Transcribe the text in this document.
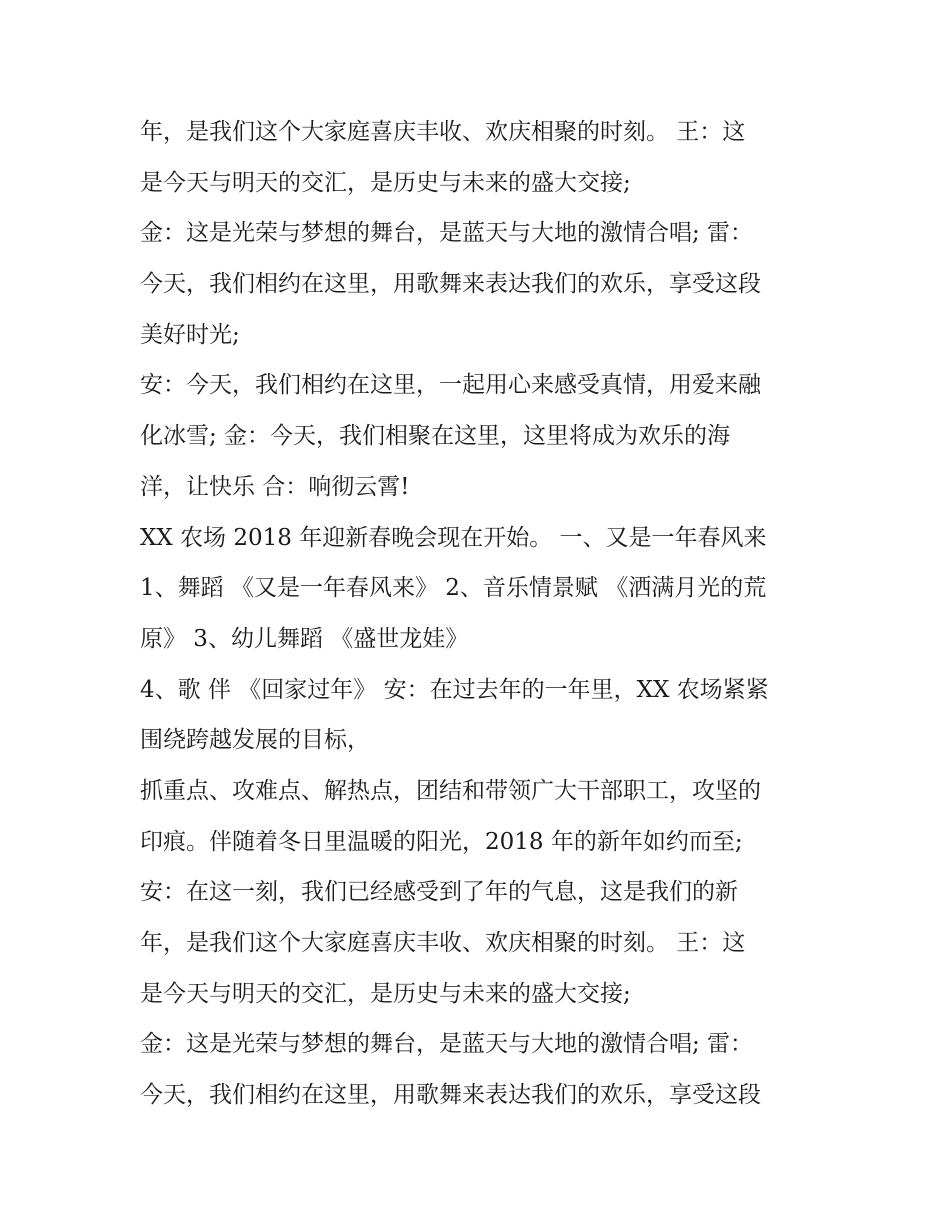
年，是我们这个大家庭喜庆丰收、欢庆相聚的时刻。 王：这
是今天与明天的交汇，是历史与未来的盛大交接;
金：这是光荣与梦想的舞台，是蓝天与大地的激情合唱; 雷：
今天，我们相约在这里，用歌舞来表达我们的欢乐，享受这段
美好时光;
安：今天，我们相约在这里，一起用心来感受真情，用爱来融
化冰雪; 金：今天，我们相聚在这里，这里将成为欢乐的海
洋，让快乐 合：响彻云霄!
XX 农场 2018 年迎新春晚会现在开始。 一、又是一年春风来
1、舞蹈 《又是一年春风来》 2、音乐情景赋 《洒满月光的荒
原》 3、幼儿舞蹈 《盛世龙娃》
4、歌 伴 《回家过年》 安：在过去年的一年里，XX 农场紧紧
围绕跨越发展的目标，
抓重点、攻难点、解热点，团结和带领广大干部职工，攻坚的
印痕。伴随着冬日里温暖的阳光，2018 年的新年如约而至;
安：在这一刻，我们已经感受到了年的气息，这是我们的新
年，是我们这个大家庭喜庆丰收、欢庆相聚的时刻。 王：这
是今天与明天的交汇，是历史与未来的盛大交接;
金：这是光荣与梦想的舞台，是蓝天与大地的激情合唱; 雷：
今天，我们相约在这里，用歌舞来表达我们的欢乐，享受这段
